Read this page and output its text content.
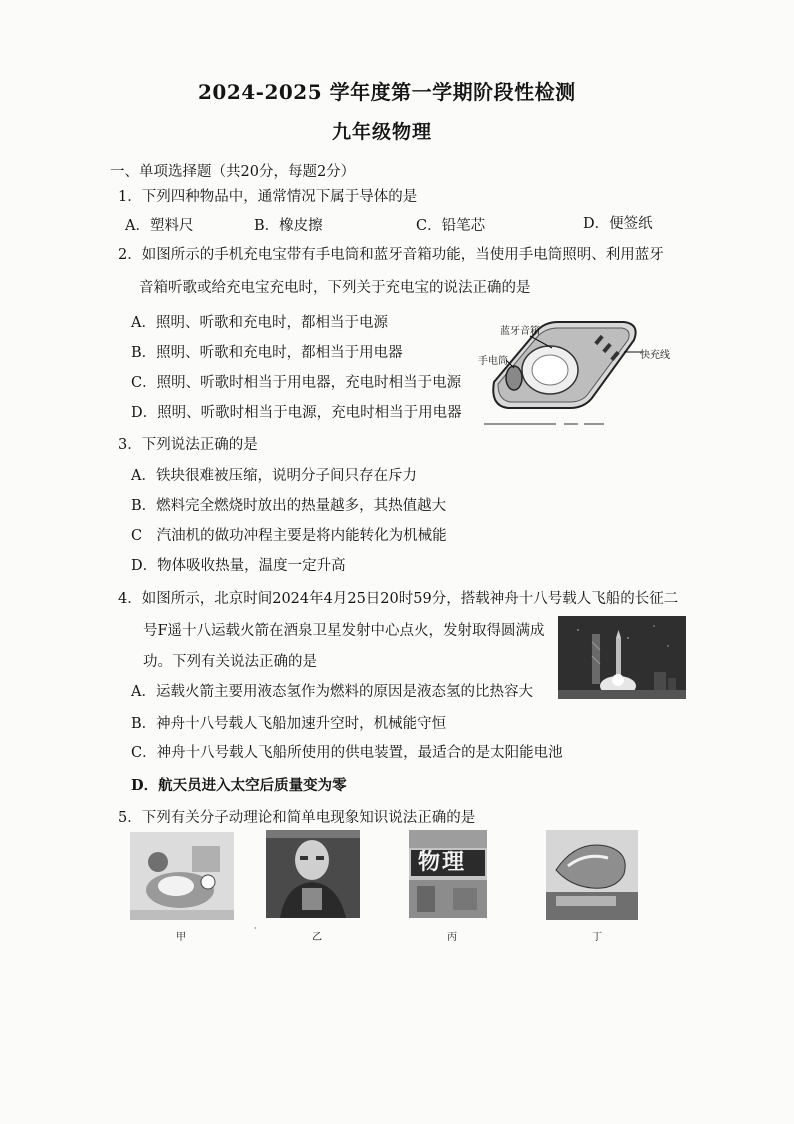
2024-2025 学年度第一学期阶段性检测
九年级物理
一、单项选择题（共20分，每题2分）
1．下列四种物品中，通常情况下属于导体的是
A．塑料尺	B．橡皮擦	C．铅笔芯	D．便签纸
2．如图所示的手机充电宝带有手电筒和蓝牙音箱功能，当使用手电筒照明、利用蓝牙
音箱听歌或给充电宝充电时，下列关于充电宝的说法正确的是
A．照明、听歌和充电时，都相当于电源
B．照明、听歌和充电时，都相当于用电器
C．照明、听歌时相当于用电器，充电时相当于电源
D．照明、听歌时相当于电源，充电时相当于用电器
蓝牙音箱
手电筒
快充线
3．下列说法正确的是
A．铁块很难被压缩，说明分子间只存在斥力
B．燃料完全燃烧时放出的热量越多，其热值越大
C　汽油机的做功冲程主要是将内能转化为机械能
D．物体吸收热量，温度一定升高
4．如图所示，北京时间2024年4月25日20时59分，搭载神舟十八号载人飞船的长征二
号F遥十八运载火箭在酒泉卫星发射中心点火，发射取得圆满成
功。下列有关说法正确的是
A．运载火箭主要用液态氢作为燃料的原因是液态氢的比热容大
B．神舟十八号载人飞船加速升空时，机械能守恒
C．神舟十八号载人飞船所使用的供电装置，最适合的是太阳能电池
D．航天员进入太空后质量变为零
5．下列有关分子动理论和简单电现象知识说法正确的是
物理
甲
·
乙	丙	丁
